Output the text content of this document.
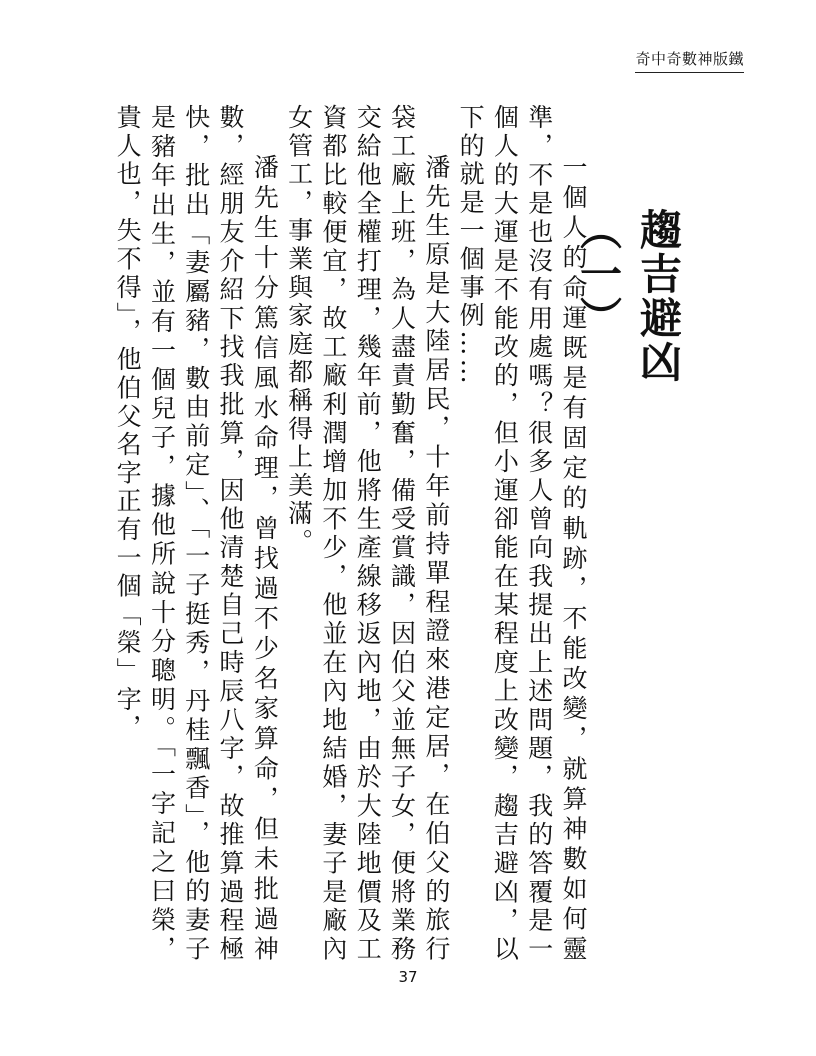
奇中奇數神版鐵
趨吉避凶（一）

一個人的命運既是有固定的軌跡，不能改變，就算神數如何靈準，不是也沒有用處嗎？很多人曾向我提出上述問題，我的答覆是一個人的大運是不能改的，但小運卻能在某程度上改變，趨吉避凶，以下的就是一個事例……

潘先生原是大陸居民，十年前持單程證來港定居，在伯父的旅行袋工廠上班，為人盡責勤奮，備受賞識，因伯父並無子女，便將業務交給他全權打理，幾年前，他將生產線移返內地，由於大陸地價及工資都比較便宜，故工廠利潤增加不少，他並在內地結婚，妻子是廠內女管工，事業與家庭都稱得上美滿。

潘先生十分篤信風水命理，曾找過不少名家算命，但未批過神數，經朋友介紹下找我批算，因他清楚自己時辰八字，故推算過程極快，批出「妻屬豬，數由前定」、「一子挺秀，丹桂飄香」，他的妻子是豬年出生，並有一個兒子，據他所說十分聰明。「一字記之曰榮，貴人也，失不得」，他伯父名字正有一個「榮」字，

37
